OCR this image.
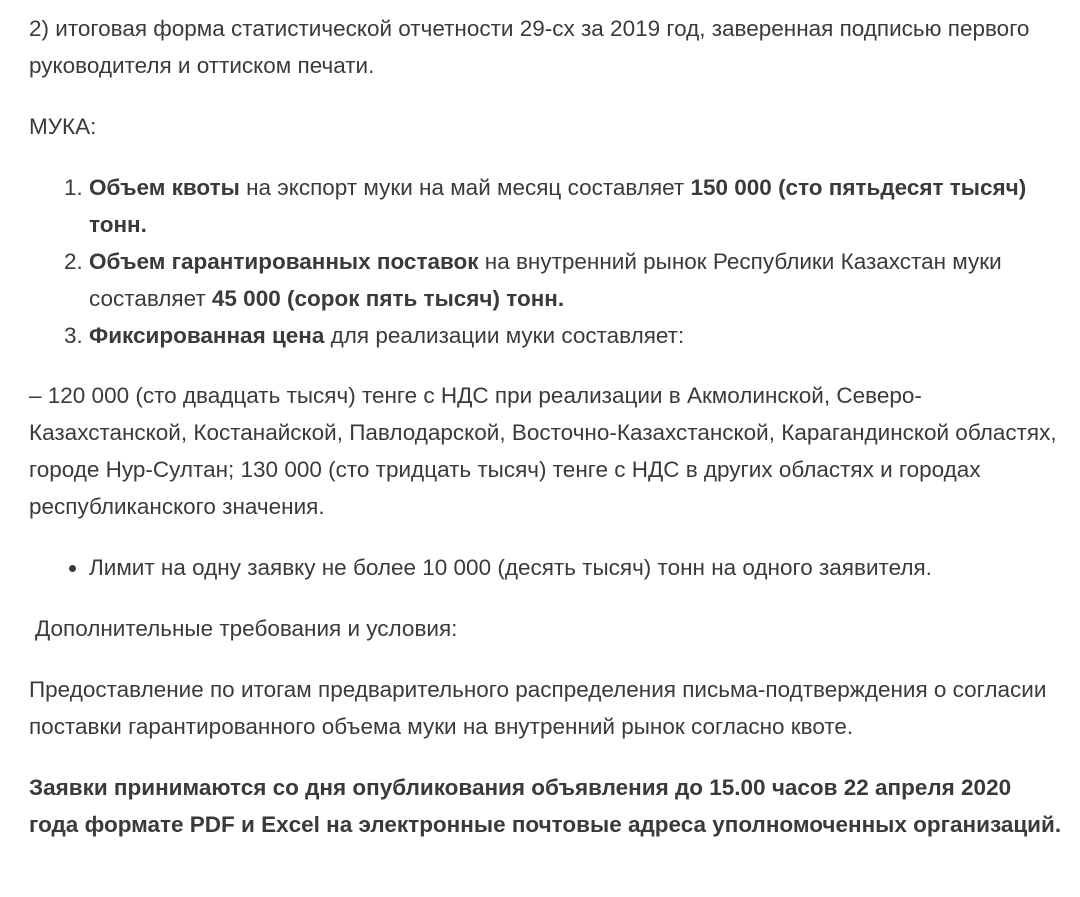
2) итоговая форма статистической отчетности 29-сх за 2019 год, заверенная подписью первого руководителя и оттиском печати.

МУКА:

1. Объем квоты на экспорт муки на май месяц составляет 150 000 (сто пятьдесят тысяч) тонн.
2. Объем гарантированных поставок на внутренний рынок Республики Казахстан муки составляет 45 000 (сорок пять тысяч) тонн.
3. Фиксированная цена для реализации муки составляет:

– 120 000 (сто двадцать тысяч) тенге с НДС при реализации в Акмолинской, Северо-Казахстанской, Костанайской, Павлодарской, Восточно-Казахстанской, Карагандинской областях, городе Нур-Султан; 130 000 (сто тридцать тысяч) тенге с НДС в других областях и городах республиканского значения.

• Лимит на одну заявку не более 10 000 (десять тысяч) тонн на одного заявителя.

Дополнительные требования и условия:

Предоставление по итогам предварительного распределения письма-подтверждения о согласии поставки гарантированного объема муки на внутренний рынок согласно квоте.

Заявки принимаются со дня опубликования объявления до 15.00 часов 22 апреля 2020 года формате PDF и Excel на электронные почтовые адреса уполномоченных организаций.
